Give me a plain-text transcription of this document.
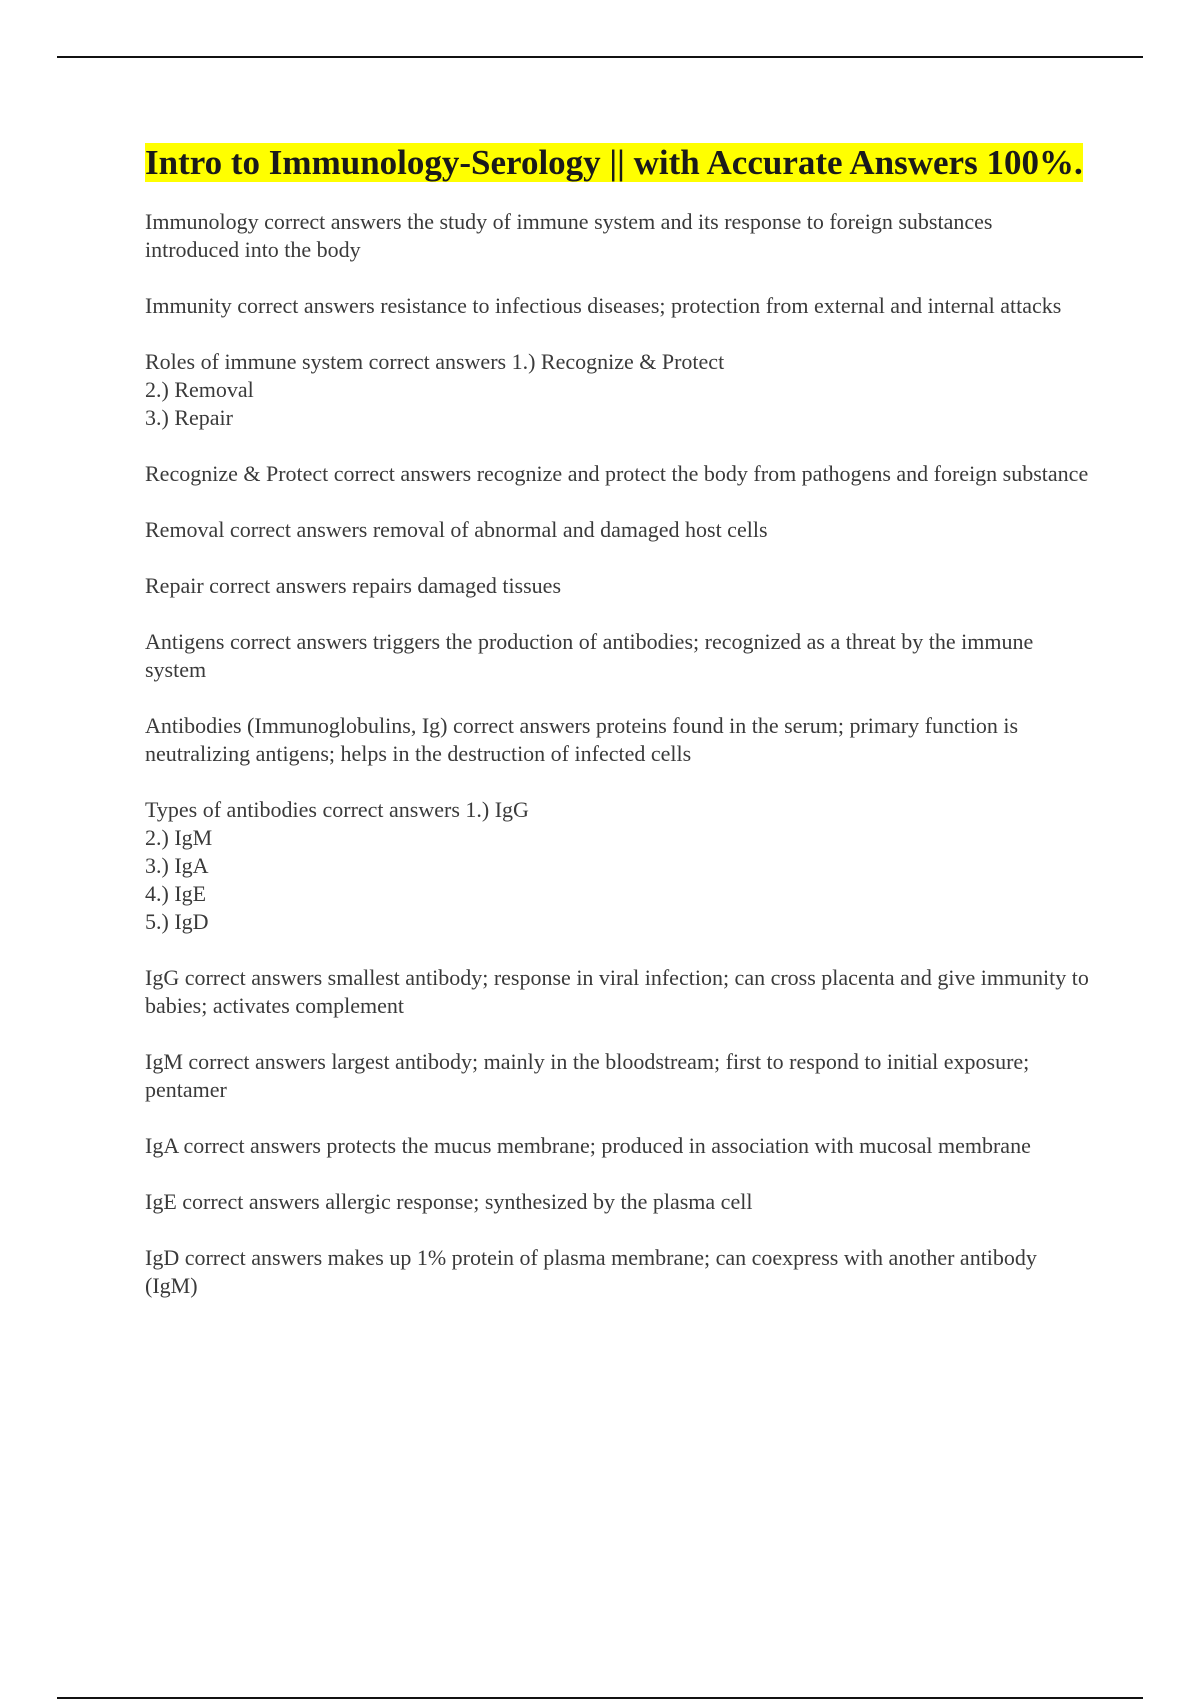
Intro to Immunology-Serology || with Accurate Answers 100%.
Immunology correct answers the study of immune system and its response to foreign substances introduced into the body
Immunity correct answers resistance to infectious diseases; protection from external and internal attacks
Roles of immune system correct answers 1.) Recognize & Protect
2.) Removal
3.) Repair
Recognize & Protect correct answers recognize and protect the body from pathogens and foreign substance
Removal correct answers removal of abnormal and damaged host cells
Repair correct answers repairs damaged tissues
Antigens correct answers triggers the production of antibodies; recognized as a threat by the immune system
Antibodies (Immunoglobulins, Ig) correct answers proteins found in the serum; primary function is neutralizing antigens; helps in the destruction of infected cells
Types of antibodies correct answers 1.) IgG
2.) IgM
3.) IgA
4.) IgE
5.) IgD
IgG correct answers smallest antibody; response in viral infection; can cross placenta and give immunity to babies; activates complement
IgM correct answers largest antibody; mainly in the bloodstream; first to respond to initial exposure; pentamer
IgA correct answers protects the mucus membrane; produced in association with mucosal membrane
IgE correct answers allergic response; synthesized by the plasma cell
IgD correct answers makes up 1% protein of plasma membrane; can coexpress with another antibody (IgM)
